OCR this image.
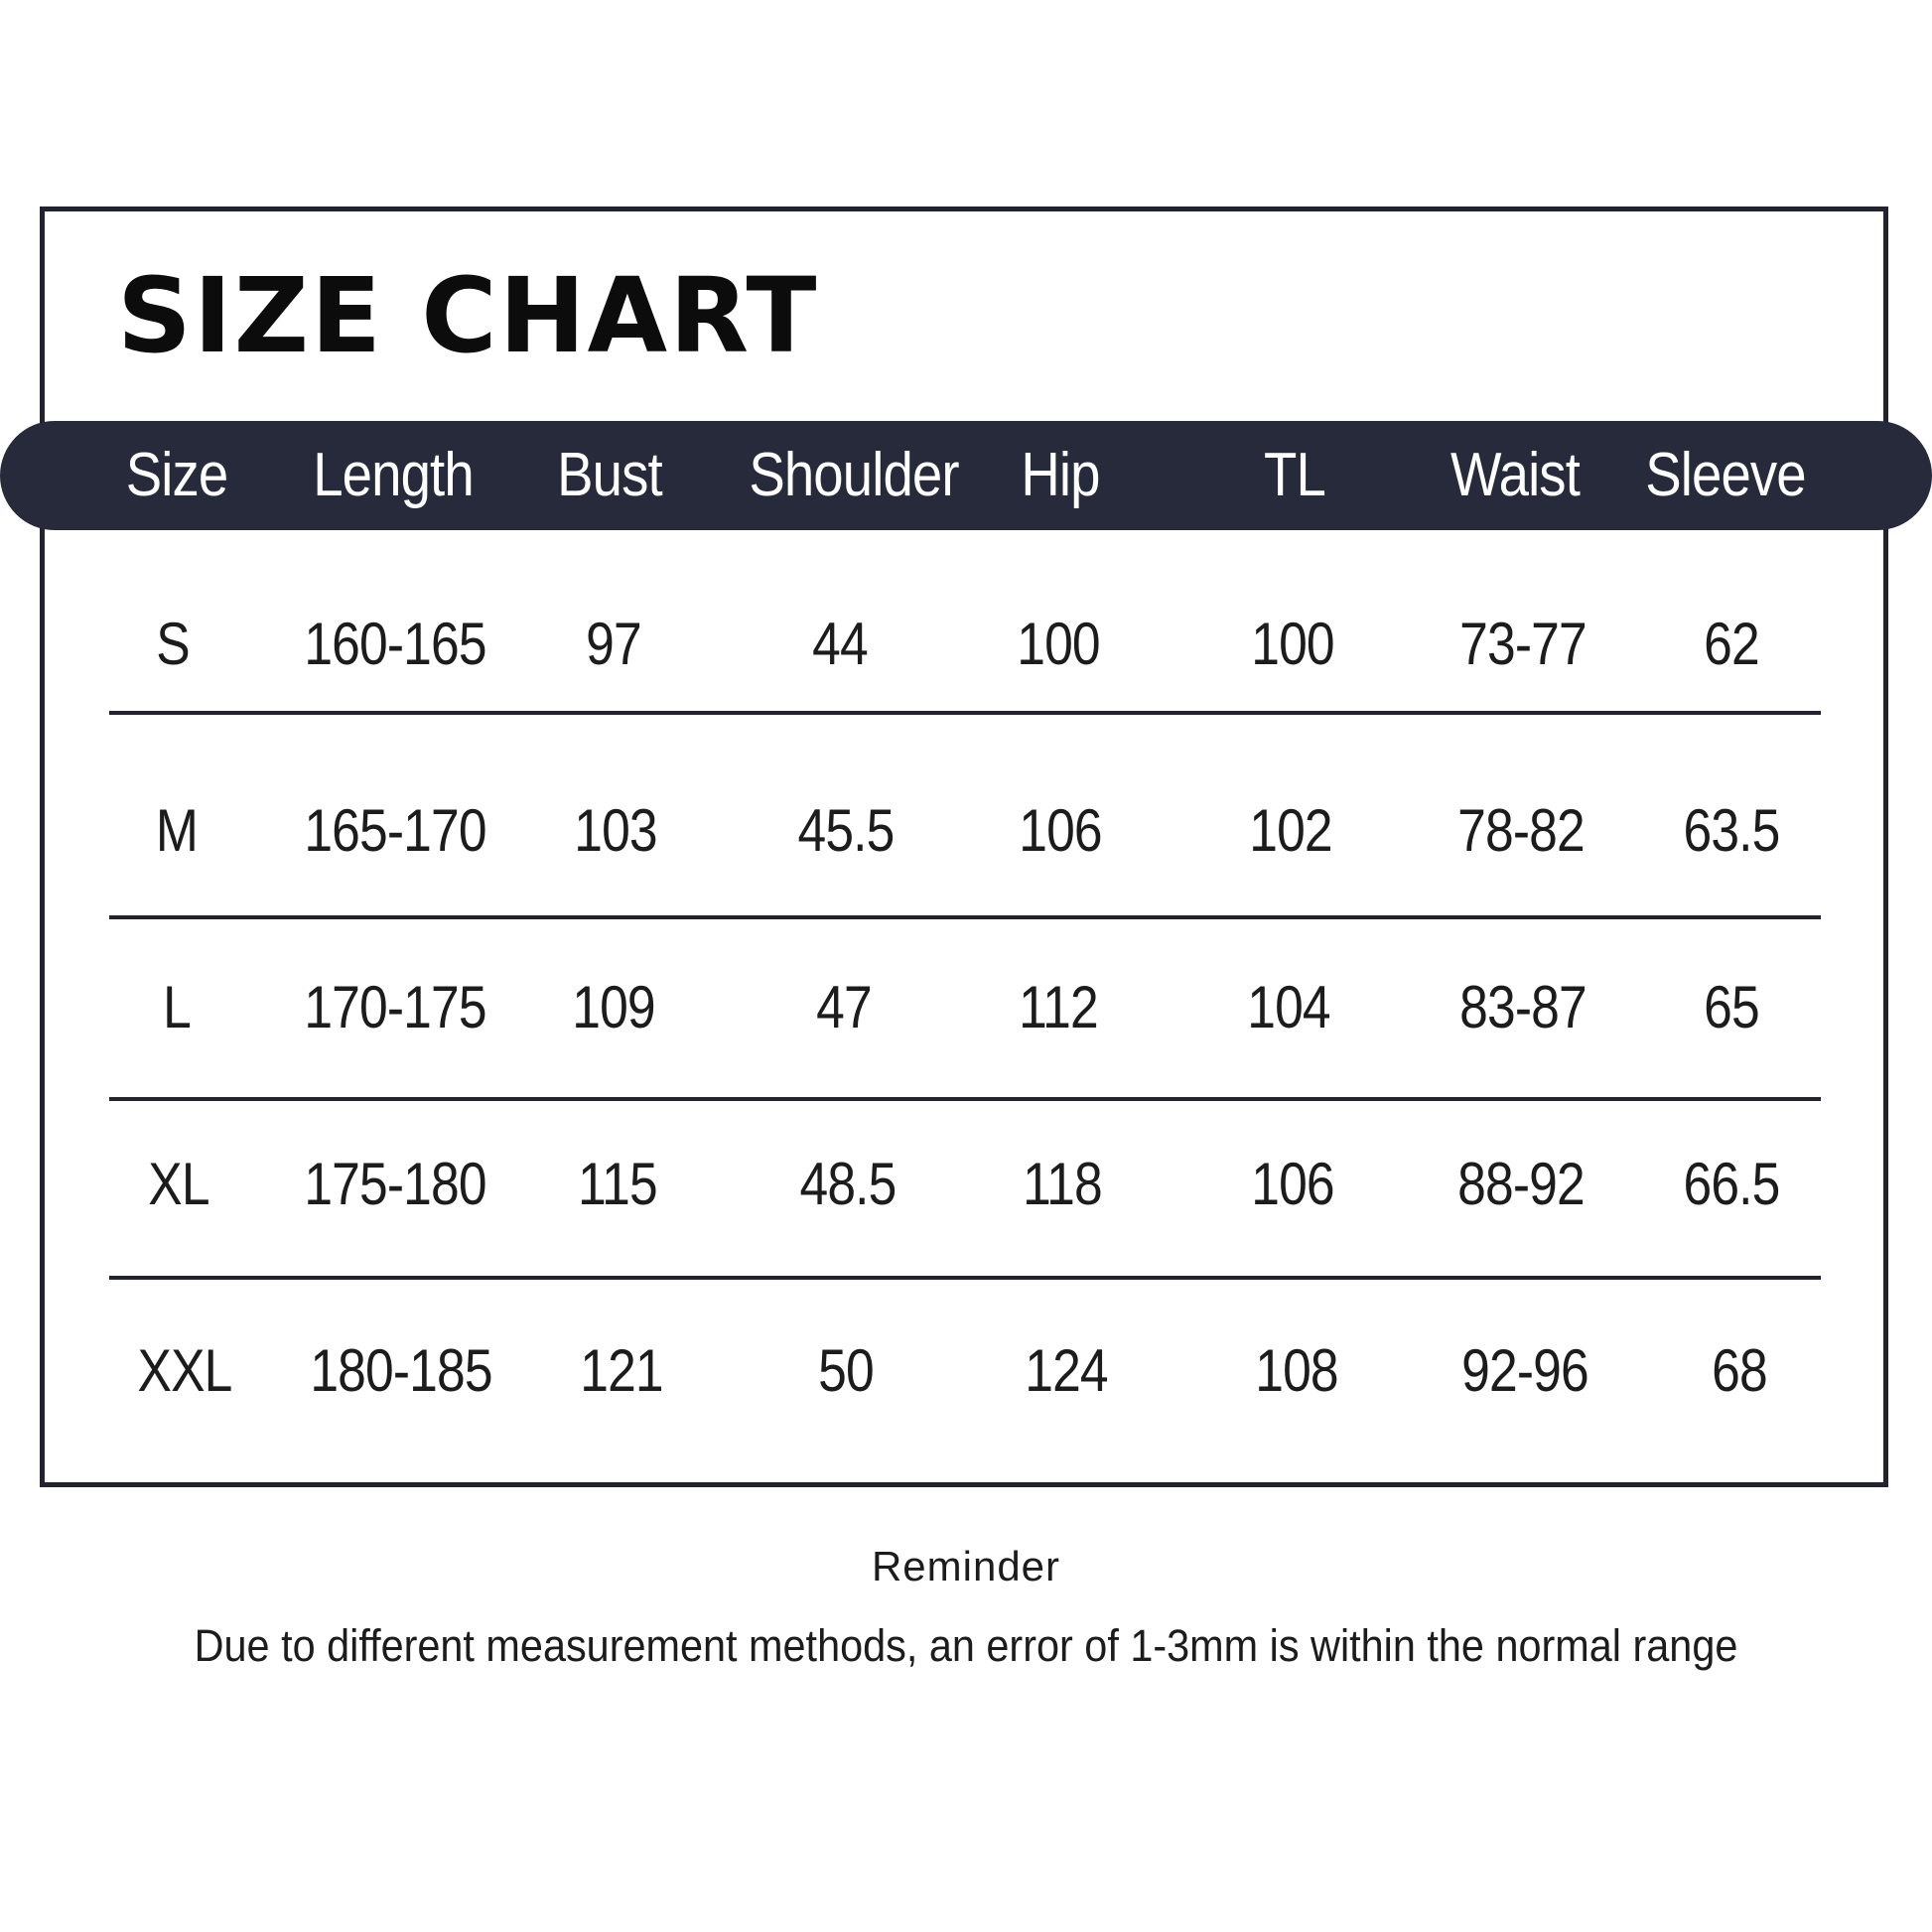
SIZE CHART
Size Length Bust Shoulder Hip	TL Waist Sleeve
S 160-165 97	44	100	100 73-77 62
M 165-170 103 45.5 106 102 78-82 63.5
L 170-175 109	47 112	104 83-87 65
XL 175-180 115 48.5 118	106 88-92 66.5
XXL 180-185 121	50	124 108 92-96 68
Reminder
Due to different measurement methods, an error of 1-3mm is within the normal range
